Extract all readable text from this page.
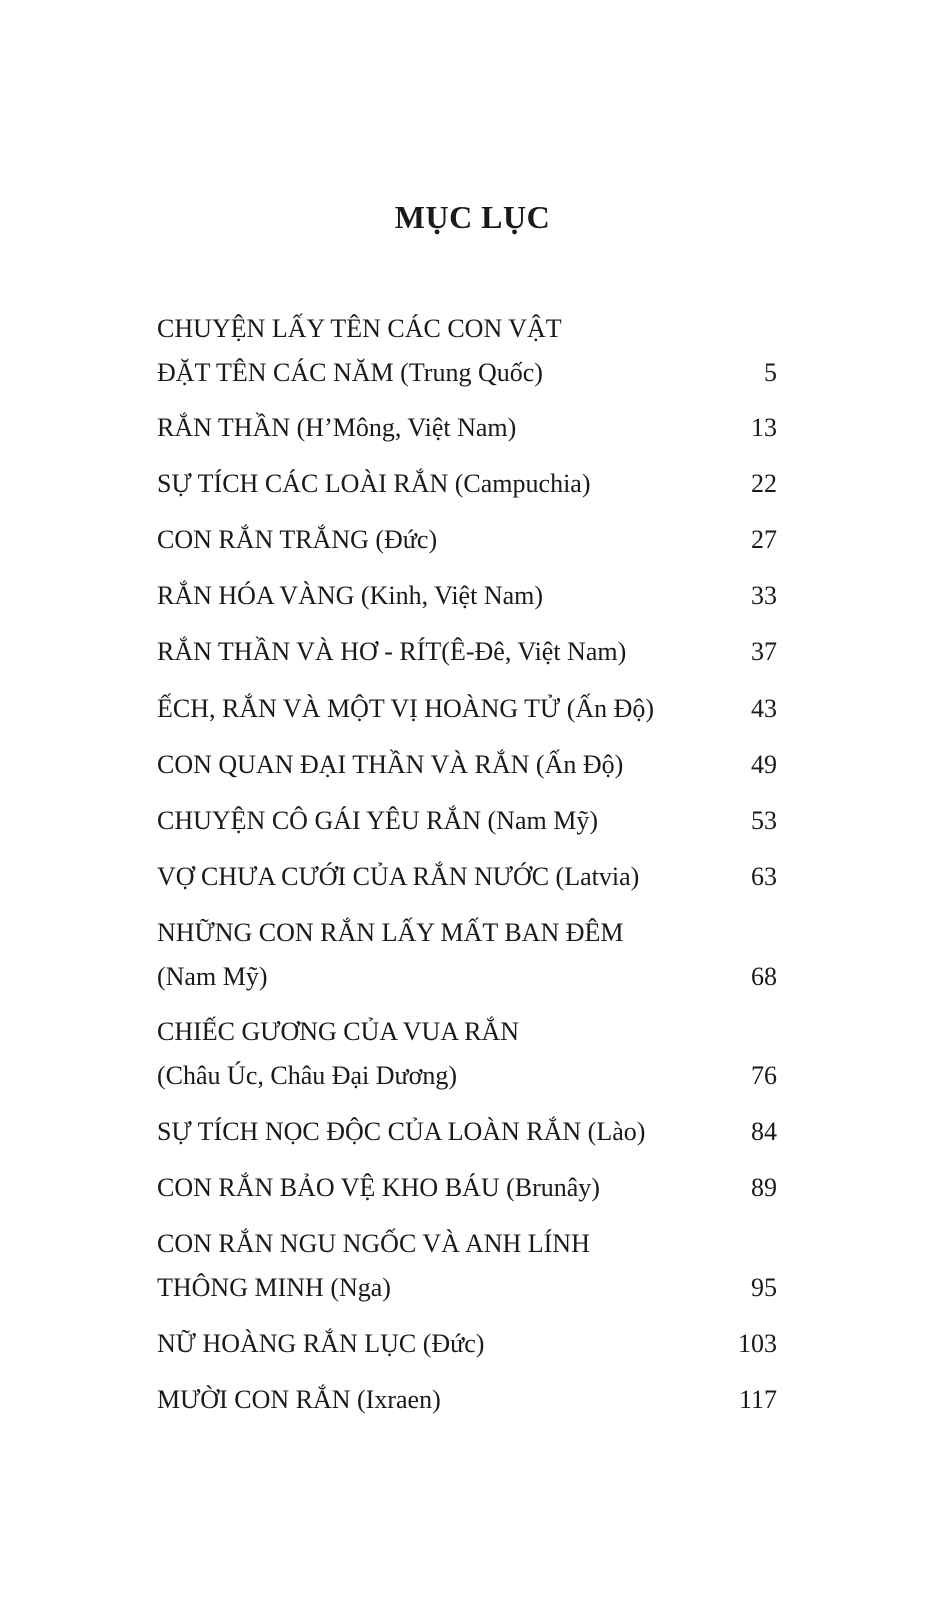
MỤC LỤC
CHUYỆN LẤY TÊN CÁC CON VẬT
ĐẶT TÊN CÁC NĂM (Trung Quốc)	5
RẮN THẦN (H’Mông, Việt Nam)	13
SỰ TÍCH CÁC LOÀI RẮN (Campuchia)	22
CON RẮN TRẮNG (Đức)	27
RẮN HÓA VÀNG (Kinh, Việt Nam)	33
RẮN THẦN VÀ HƠ - RÍT(Ê-Đê, Việt Nam)	37
ẾCH, RẮN VÀ MỘT VỊ HOÀNG TỬ (Ấn Độ)	43
CON QUAN ĐẠI THẦN VÀ RẮN (Ấn Độ)	49
CHUYỆN CÔ GÁI YÊU RẮN (Nam Mỹ)	53
VỢ CHƯA CƯỚI CỦA RẮN NƯỚC (Latvia)	63
NHỮNG CON RẮN LẤY MẤT BAN ĐÊM
(Nam Mỹ)	68
CHIẾC GƯƠNG CỦA VUA RẮN
(Châu Úc, Châu Đại Dương)	76
SỰ TÍCH NỌC ĐỘC CỦA LOÀN RẮN (Lào)	84
CON RẮN BẢO VỆ KHO BÁU (Brunây)	89
CON RẮN NGU NGỐC VÀ ANH LÍNH
THÔNG MINH (Nga)	95
NỮ HOÀNG RẮN LỤC (Đức)	103
MƯỜI CON RẮN (Ixraen)	117
